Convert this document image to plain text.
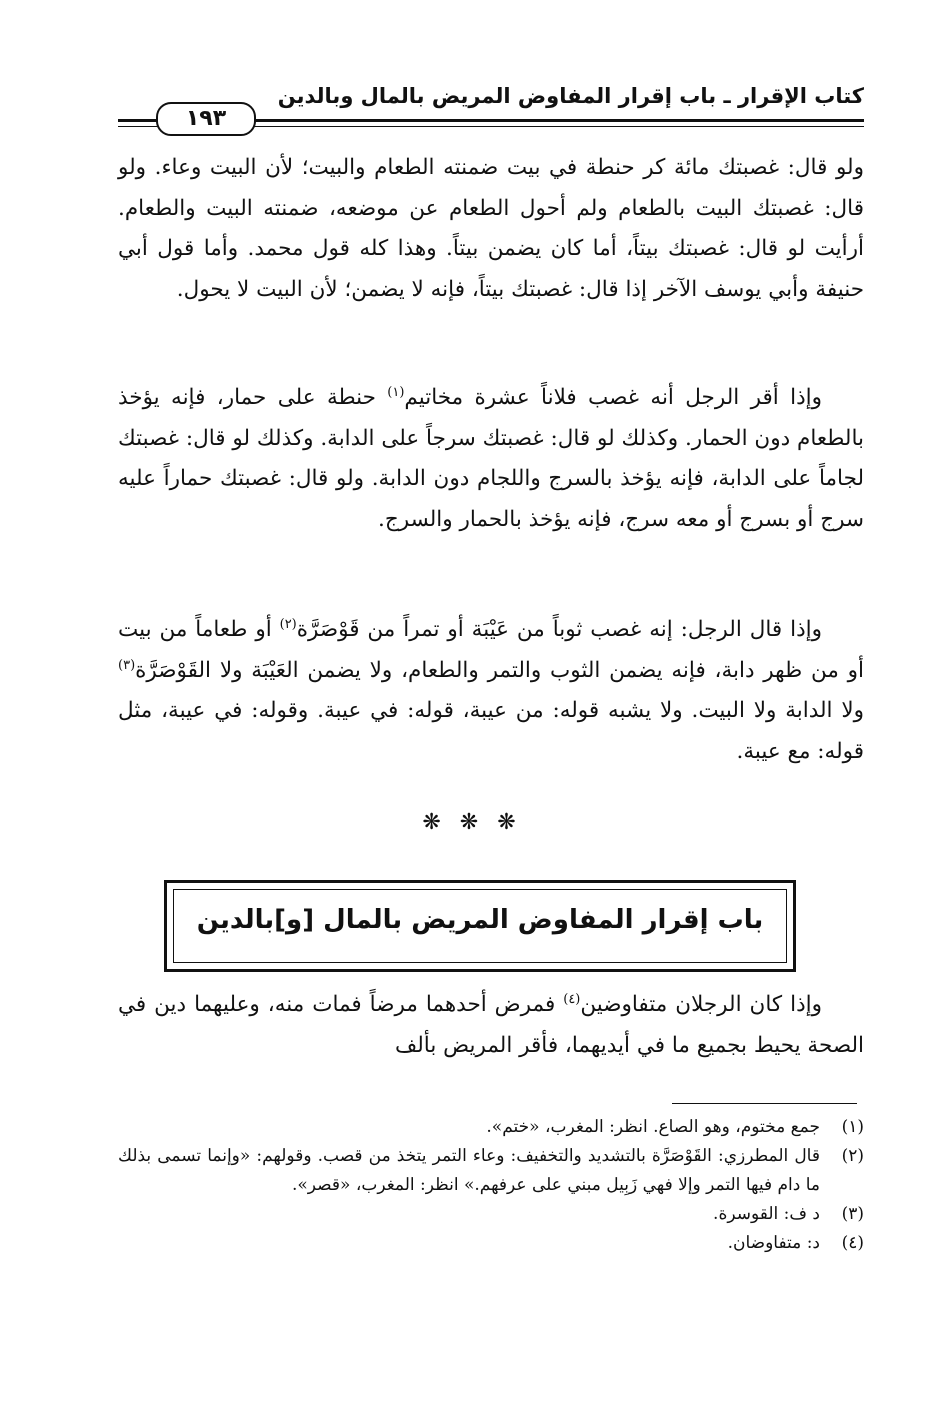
كتاب الإقرار ـ باب إقرار المفاوض المريض بالمال وبالدين
١٩٣

ولو قال: غصبتك مائة كر حنطة في بيت ضمنته الطعام والبيت؛ لأن البيت وعاء. ولو قال: غصبتك البيت بالطعام ولم أحول الطعام عن موضعه، ضمنته البيت والطعام. أرأيت لو قال: غصبتك بيتاً، أما كان يضمن بيتاً. وهذا كله قول محمد. وأما قول أبي حنيفة وأبي يوسف الآخر إذا قال: غصبتك بيتاً، فإنه لا يضمن؛ لأن البيت لا يحول.

وإذا أقر الرجل أنه غصب فلاناً عشرة مخاتيم$^{(١)}$ حنطة على حمار، فإنه يؤخذ بالطعام دون الحمار. وكذلك لو قال: غصبتك سرجاً على الدابة. وكذلك لو قال: غصبتك لجاماً على الدابة، فإنه يؤخذ بالسرج واللجام دون الدابة. ولو قال: غصبتك حماراً عليه سرج أو بسرج أو معه سرج، فإنه يؤخذ بالحمار والسرج.

وإذا قال الرجل: إنه غصب ثوباً من عَيْبَة أو تمراً من قَوْصَرَّة$^{(٢)}$ أو طعاماً من بيت أو من ظهر دابة، فإنه يضمن الثوب والتمر والطعام، ولا يضمن العَيْبَة ولا القَوْصَرَّة$^{(٣)}$ ولا الدابة ولا البيت. ولا يشبه قوله: من عيبة، قوله: في عيبة. وقوله: في عيبة، مثل قوله: مع عيبة.

❋ ❋ ❋
باب إقرار المفاوض المريض بالمال [و]بالدين

وإذا كان الرجلان متفاوضين$^{(٤)}$ فمرض أحدهما مرضاً فمات منه، وعليهما دين في الصحة يحيط بجميع ما في أيديهما، فأقر المريض بألف

(١)
جمع مختوم، وهو الصاع. انظر: المغرب، «ختم».
(٢)
قال المطرزي: القَوْصَرَّة بالتشديد والتخفيف: وعاء التمر يتخذ من قصب. وقولهم: «وإنما تسمى بذلك ما دام فيها التمر وإلا فهي زَبِيل مبني على عرفهم.» انظر: المغرب، «قصر».
(٣)
د ف: القوسرة.
(٤)
د: متفاوضان.
